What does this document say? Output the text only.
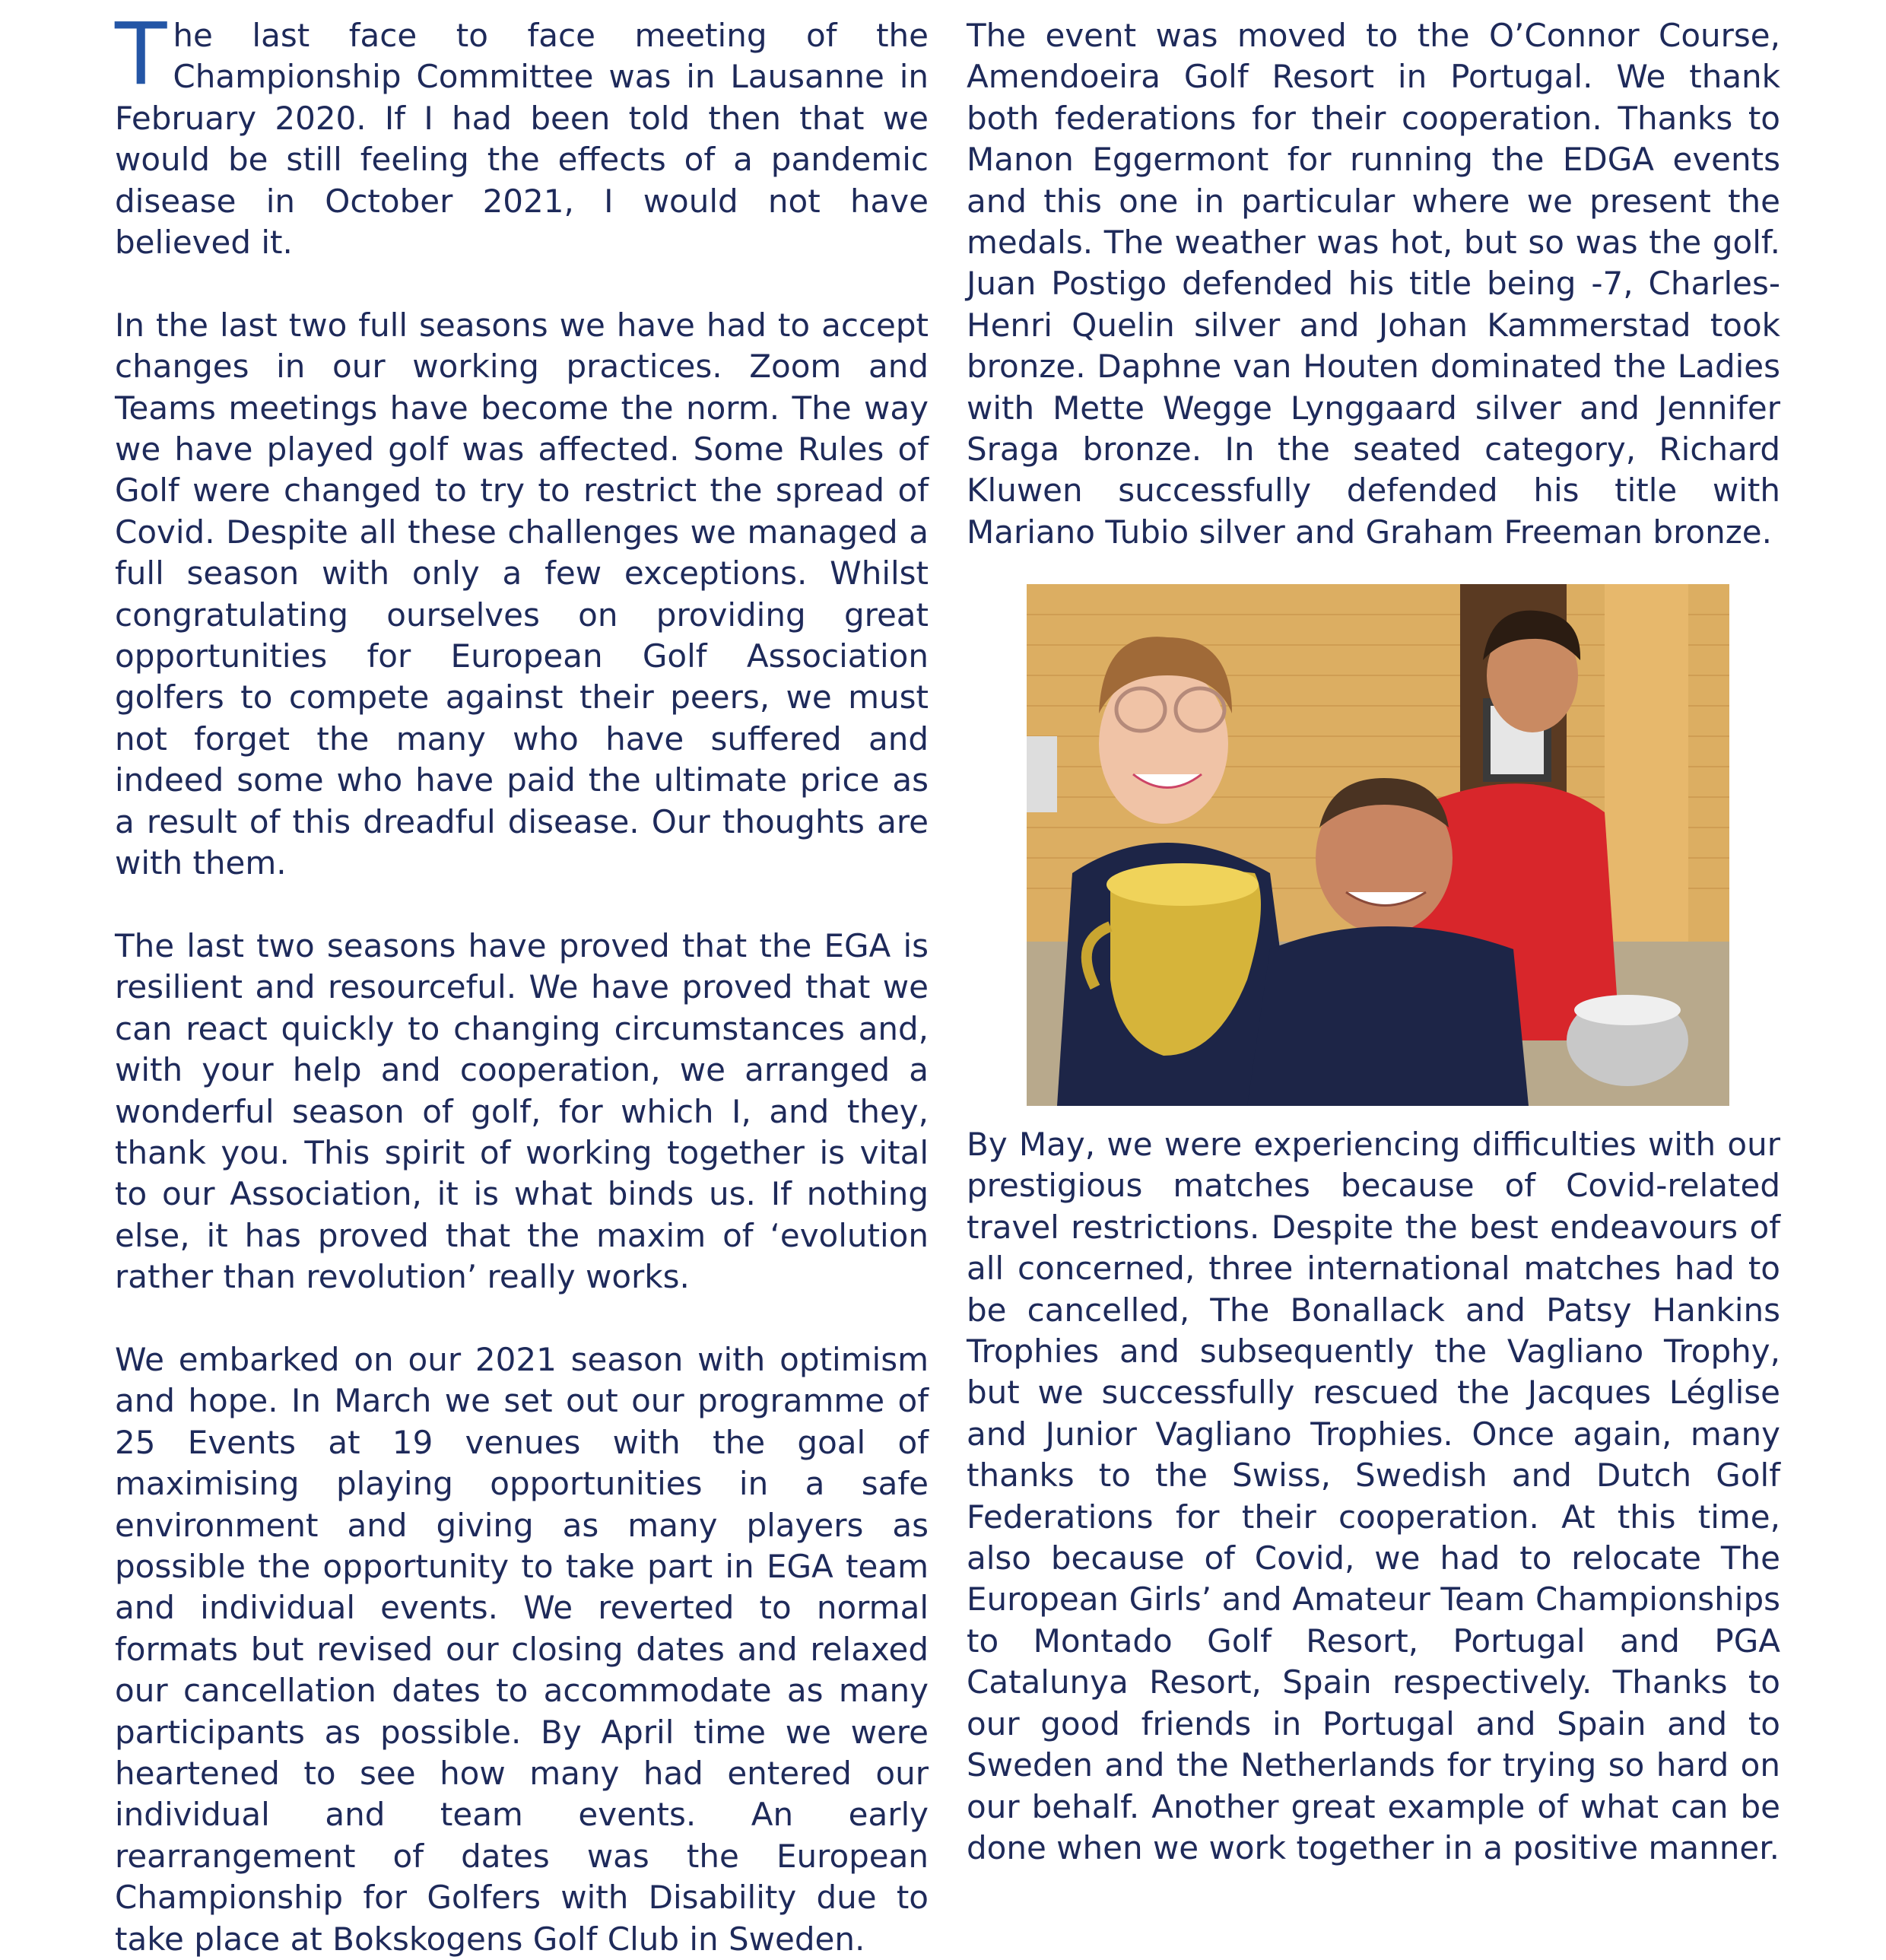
The last face to face meeting of the Championship Committee was in Lausanne in February 2020. If I had been told then that we would be still feeling the effects of a pandemic disease in October 2021, I would not have believed it.

In the last two full seasons we have had to accept changes in our working practices. Zoom and Teams meetings have become the norm. The way we have played golf was affected. Some Rules of Golf were changed to try to restrict the spread of Covid. Despite all these challenges we managed a full season with only a few exceptions. Whilst congratulating ourselves on providing great opportunities for European Golf Association golfers to compete against their peers, we must not forget the many who have suffered and indeed some who have paid the ultimate price as a result of this dreadful disease. Our thoughts are with them.

The last two seasons have proved that the EGA is resilient and resourceful. We have proved that we can react quickly to changing circumstances and, with your help and cooperation, we arranged a wonderful season of golf, for which I, and they, thank you. This spirit of working together is vital to our Association, it is what binds us. If nothing else, it has proved that the maxim of ‘evolution rather than revolution’ really works.

We embarked on our 2021 season with optimism and hope. In March we set out our programme of 25 Events at 19 venues with the goal of maximising playing opportunities in a safe environment and giving as many players as possible the opportunity to take part in EGA team and individual events. We reverted to normal formats but revised our closing dates and relaxed our cancellation dates to accommodate as many participants as possible. By April time we were heartened to see how many had entered our individual and team events. An early rearrangement of dates was the European Championship for Golfers with Disability due to take place at Bokskogens Golf Club in Sweden.

The event was moved to the O’Connor Course, Amendoeira Golf Resort in Portugal. We thank both federations for their cooperation. Thanks to Manon Eggermont for running the EDGA events and this one in particular where we present the medals. The weather was hot, but so was the golf. Juan Postigo defended his title being -7, Charles-Henri Quelin silver and Johan Kammerstad took bronze. Daphne van Houten dominated the Ladies with Mette Wegge Lynggaard silver and Jennifer Sraga bronze. In the seated category, Richard Kluwen successfully defended his title with Mariano Tubio silver and Graham Freeman bronze.

By May, we were experiencing difficulties with our prestigious matches because of Covid-related travel restrictions. Despite the best endeavours of all concerned, three international matches had to be cancelled, The Bonallack and Patsy Hankins Trophies and subsequently the Vagliano Trophy, but we successfully rescued the Jacques Léglise and Junior Vagliano Trophies. Once again, many thanks to the Swiss, Swedish and Dutch Golf Federations for their cooperation. At this time, also because of Covid, we had to relocate The European Girls’ and Amateur Team Championships to Montado Golf Resort, Portugal and PGA Catalunya Resort, Spain respectively. Thanks to our good friends in Portugal and Spain and to Sweden and the Netherlands for trying so hard on our behalf. Another great example of what can be done when we work together in a positive manner.
